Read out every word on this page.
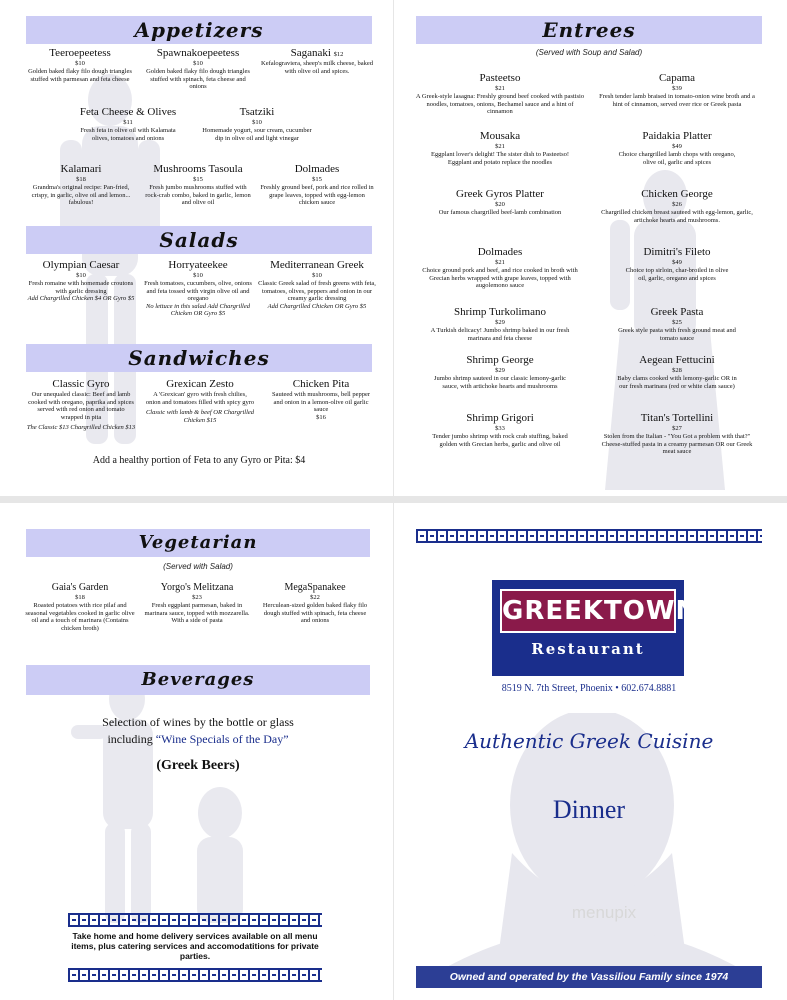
Appetizers
Teeroepeetess
$10
Golden baked flaky filo dough triangles stuffed with parmesan and feta cheese
Spawnakoepeetess
$10
Golden baked flaky filo dough triangles stuffed with spinach, feta cheese and onions
Saganaki $12
Kefalograviera, sheep's milk cheese, baked with olive oil and spices.
Feta Cheese & Olives
$11
Fresh feta in olive oil with Kalamata olives, tomatoes and onions
Tsatziki
$10
Homemade yogurt, sour cream, cucumber dip in olive oil and light vinegar
Kalamari
$18
Grandma's original recipe: Pan-fried, crispy, in garlic, olive oil and lemon... fabulous!
Mushrooms Tasoula
$15
Fresh jumbo mushrooms stuffed with rock-crab combo, baked in garlic, lemon and olive oil
Dolmades
$15
Freshly ground beef, pork and rice rolled in grape leaves, topped with egg-lemon chicken sauce
Salads
Olympian Caesar
$10
Fresh romaine with homemade croutons with garlic dressing
Add Chargrilled Chicken $4 OR Gyro $5
Horryateekee
$10
Fresh tomatoes, cucumbers, olive, onions and feta tossed with virgin olive oil and oregano
No lettuce in this salad Add Chargrilled Chicken OR Gyro $5
Mediterranean Greek
$10
Classic Greek salad of fresh greens with feta, tomatoes, olives, peppers and onion in our creamy garlic dressing
Add Chargrilled Chicken OR Gyro $5
Sandwiches
Classic Gyro
Our unequaled classic: Beef and lamb cooked with oregano, paprika and spices served with red onion and tomato wrapped in pita
The Classic $13 Chargrilled Chicken $13
Grexican Zesto
A 'Grexican' gyro with fresh chilies, onion and tomatoes filled with spicy gyro
Classic with lamb & beef OR Chargrilled Chicken $15
Chicken Pita
Sauteed with mushrooms, bell pepper and onion in a lemon-olive oil garlic sauce
$16
Add a healthy portion of Feta to any Gyro or Pita: $4
Entrees
(Served with Soup and Salad)
Pasteetso
$21
A Greek-style lasagna: Freshly ground beef cooked with pastisio noodles, tomatoes, onions, Bechamel sauce and a hint of cinnamon
Mousaka
$21
Eggplant lover's delight! The sister dish to Pasteetso! Eggplant and potato replace the noodles
Greek Gyros Platter
$20
Our famous chargrilled beef-lamb combination
Dolmades
$21
Choice ground pork and beef, and rice cooked in broth with Grecian herbs wrapped with grape leaves, topped with augolemono sauce
Shrimp Turkolimano
$29
A Turkish delicacy! Jumbo shrimp baked in our fresh marinara and feta cheese
Shrimp George
$29
Jumbo shrimp sauteed in our classic lemony-garlic sauce, with artichoke hearts and mushrooms
Shrimp Grigori
$33
Tender jumbo shrimp with rock crab stuffing, baked golden with Grecian herbs, garlic and olive oil
Capama
$39
Fresh tender lamb braised in tomato-onion wine broth and a hint of cinnamon, served over rice or Greek pasta
Paidakia Platter
$49
Choice chargrilled lamb chops with oregano, olive oil, garlic and spices
Chicken George
$26
Chargrilled chicken breast sauteed with egg-lemon, garlic, artichoke hearts and mushrooms.
Dimitri's Fileto
$49
Choice top sirloin, char-broiled in olive oil, garlic, oregano and spices
Greek Pasta
$25
Greek style pasta with fresh ground meat and tomato sauce
Aegean Fettucini
$28
Baby clams cooked with lemony-garlic OR in our fresh marinara (red or white clam sauce)
Titan's Tortellini
$27
Stolen from the Italian - "You Got a problem with that?" Cheese-stuffed pasta in a creamy parmesan OR our Greek meat sauce
Vegetarian
(Served with Salad)
Gaia's Garden
$18
Roasted potatoes with rice pilaf and seasonal vegetables cooked in garlic olive oil and a touch of marinara (Contains chicken broth)
Yorgo's Melitzana
$23
Fresh eggplant parmesan, baked in marinara sauce, topped with mozzarella. With a side of pasta
MegaSpanakee
$22
Herculean-sized golden baked flaky filo dough stuffed with spinach, feta cheese and onions
Beverages
Selection of wines by the bottle or glass
including “Wine Specials of the Day”
(Greek Beers)
Take home and home delivery services available on all menu items, plus catering services and accomodatitions for private parties.
GREEKTOWN
Restaurant
8519 N. 7th Street, Phoenix • 602.674.8881
Authentic Greek Cuisine
Dinner
menupix
Owned and operated by the Vassiliou Family since 1974
